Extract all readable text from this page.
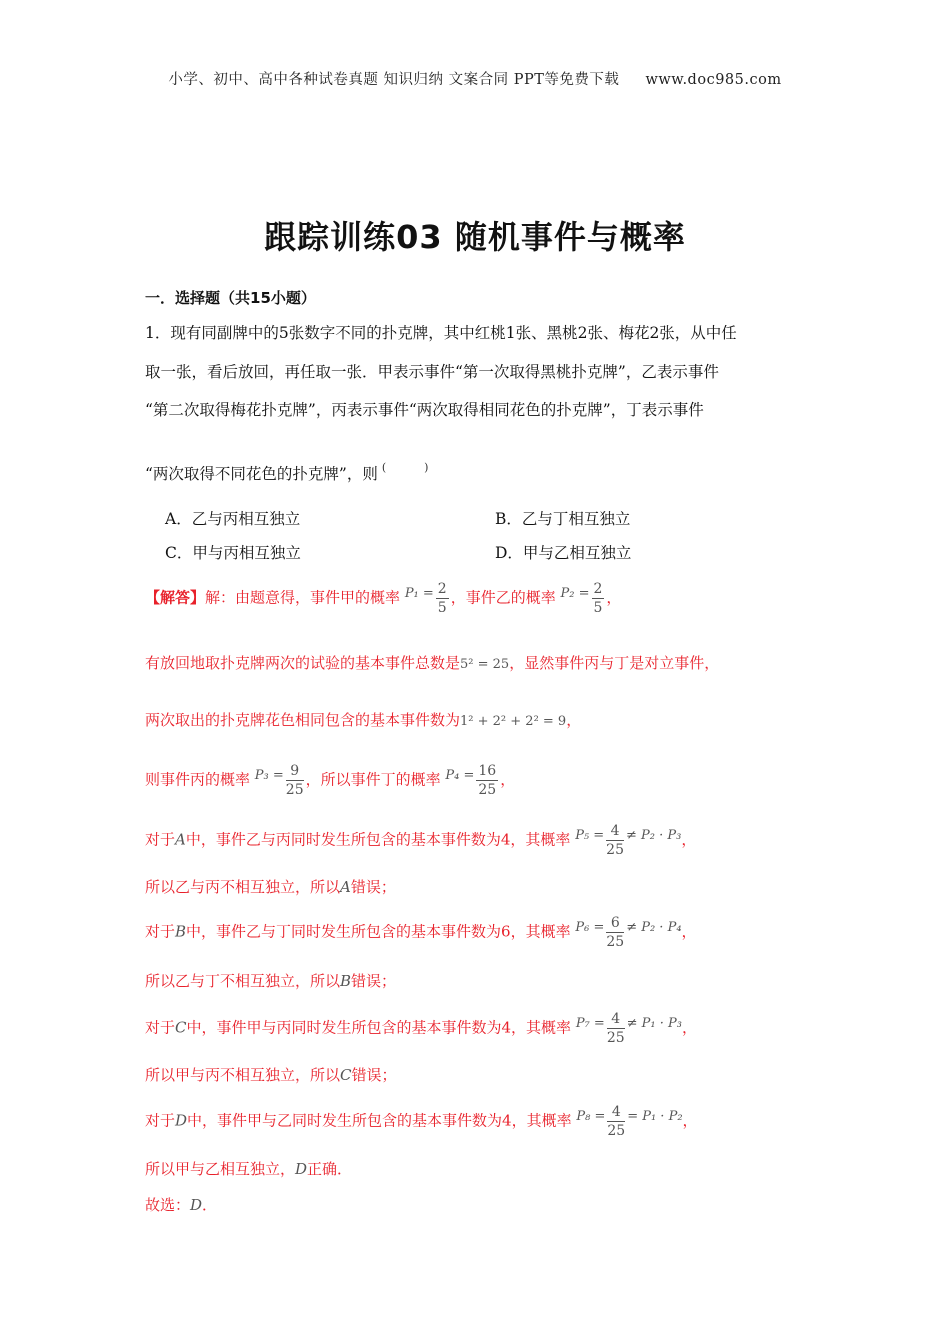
小学、初中、高中各种试卷真题 知识归纳 文案合同 PPT等免费下载 www.doc985.com
跟踪训练03 随机事件与概率
一．选择题（共15小题）
1．现有同副牌中的5张数字不同的扑克牌，其中红桃1张、黑桃2张、梅花2张，从中任
取一张，看后放回，再任取一张．甲表示事件“第一次取得黑桃扑克牌”，乙表示事件
“第二次取得梅花扑克牌”，丙表示事件“两次取得相同花色的扑克牌”，丁表示事件
“两次取得不同花色的扑克牌”，则 (	)
A．乙与丙相互独立	B．乙与丁相互独立
C．甲与丙相互独立	D．甲与乙相互独立
【解答】解：由题意得，事件甲的概率 $P_1 = \frac{2}{5}$ ，事件乙的概率 $P_2 = \frac{2}{5}$ ，
有放回地取扑克牌两次的试验的基本事件总数是5² = 25，显然事件丙与丁是对立事件，
两次取出的扑克牌花色相同包含的基本事件数为1² + 2² + 2² = 9，
则事件丙的概率 $P_3 = \frac{9}{25}$ ，所以事件丁的概率 $P_4 = \frac{16}{25}$ ，
对于A中，事件乙与丙同时发生所包含的基本事件数为4，其概率 $P_5 = \frac{4}{25} \ne P_2 \cdot P_3$，
所以乙与丙不相互独立，所以A错误；
对于B中，事件乙与丁同时发生所包含的基本事件数为6，其概率 $P_6 = \frac{6}{25} \ne P_2 \cdot P_4$，
所以乙与丁不相互独立，所以B错误；
对于C中，事件甲与丙同时发生所包含的基本事件数为4，其概率 $P_7 = \frac{4}{25} \ne P_1 \cdot P_3$，
所以甲与丙不相互独立，所以C错误；
对于D中，事件甲与乙同时发生所包含的基本事件数为4，其概率 $P_8 = \frac{4}{25} = P_1 \cdot P_2$，
所以甲与乙相互独立，D正确．
故选：D．
